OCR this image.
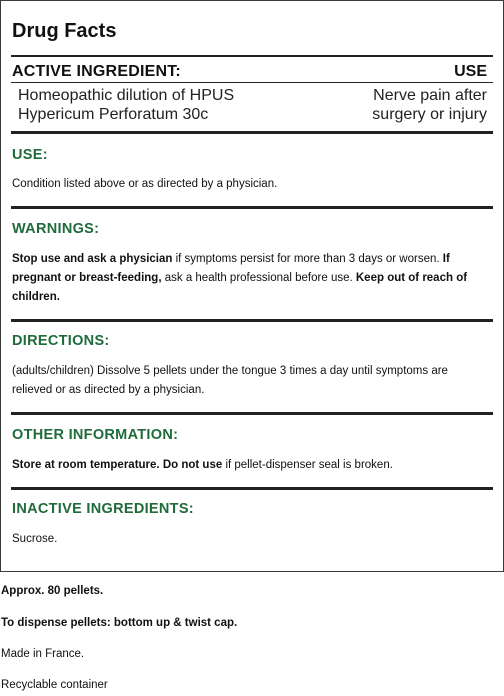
Drug Facts
ACTIVE INGREDIENT:	USE
Homeopathic dilution of HPUS
Hypericum Perforatum 30c
Nerve pain after
surgery or injury
USE:
Condition listed above or as directed by a physician.
WARNINGS:
Stop use and ask a physician if symptoms persist for more than 3 days or worsen. If pregnant or breast-feeding, ask a health professional before use. Keep out of reach of children.
DIRECTIONS:
(adults/children) Dissolve 5 pellets under the tongue 3 times a day until symptoms are relieved or as directed by a physician.
OTHER INFORMATION:
Store at room temperature. Do not use if pellet-dispenser seal is broken.
INACTIVE INGREDIENTS:
Sucrose.
Approx. 80 pellets.
To dispense pellets: bottom up & twist cap.
Made in France.
Recyclable container
